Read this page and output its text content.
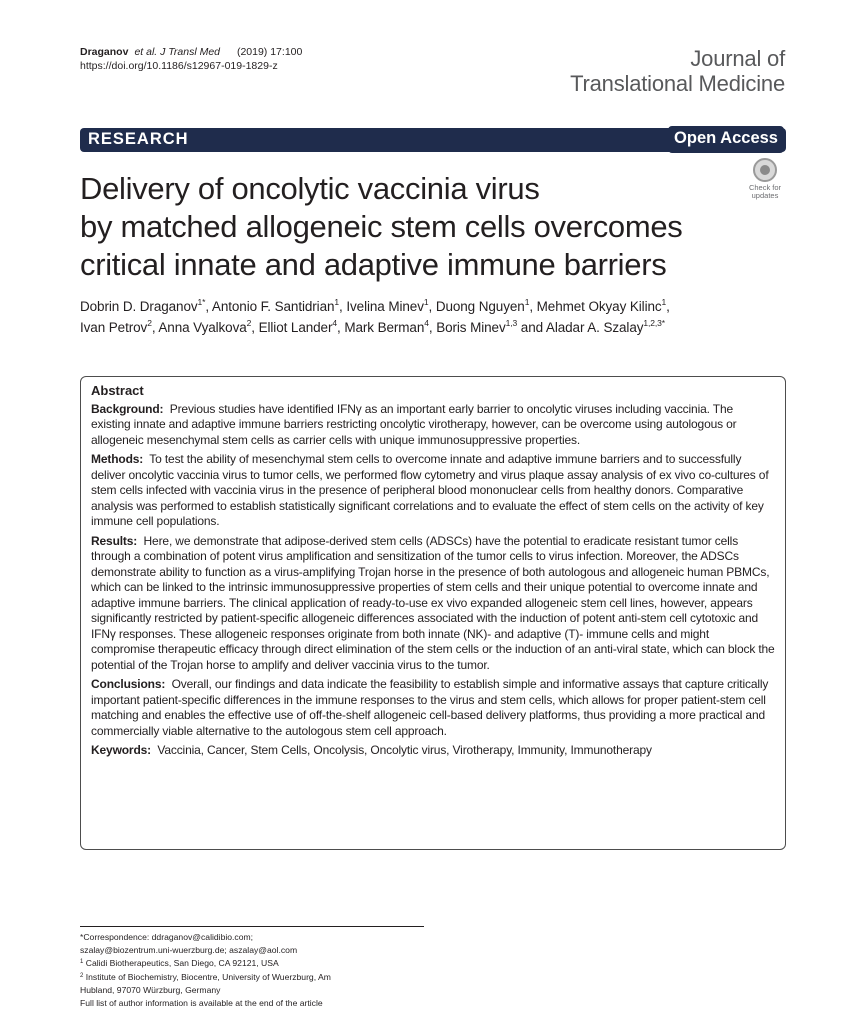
Draganov et al. J Transl Med (2019) 17:100
https://doi.org/10.1186/s12967-019-1829-z	Journal of
Translational Medicine
RESEARCH	Open Access
Check for
updates
Delivery of oncolytic vaccinia virus
by matched allogeneic stem cells overcomes
critical innate and adaptive immune barriers
Dobrin D. Draganov$^{1*}$, Antonio F. Santidrian$^1$, Ivelina Minev$^1$, Duong Nguyen$^1$, Mehmet Okyay Kilinc$^1$,
Ivan Petrov$^2$, Anna Vyalkova$^2$, Elliot Lander$^4$, Mark Berman$^4$, Boris Minev$^{1,3}$ and Aladar A. Szalay$^{1,2,3*}$
Abstract

Background: Previous studies have identified IFNγ as an important early barrier to oncolytic viruses including vaccinia. The existing innate and adaptive immune barriers restricting oncolytic virotherapy, however, can be overcome using autologous or allogeneic mesenchymal stem cells as carrier cells with unique immunosuppressive properties.

Methods: To test the ability of mesenchymal stem cells to overcome innate and adaptive immune barriers and to successfully deliver oncolytic vaccinia virus to tumor cells, we performed flow cytometry and virus plaque assay analysis of ex vivo co-cultures of stem cells infected with vaccinia virus in the presence of peripheral blood mononuclear cells from healthy donors. Comparative analysis was performed to establish statistically significant correlations and to evaluate the effect of stem cells on the activity of key immune cell populations.

Results: Here, we demonstrate that adipose-derived stem cells (ADSCs) have the potential to eradicate resistant tumor cells through a combination of potent virus amplification and sensitization of the tumor cells to virus infection. Moreover, the ADSCs demonstrate ability to function as a virus-amplifying Trojan horse in the presence of both autologous and allogeneic human PBMCs, which can be linked to the intrinsic immunosuppressive properties of stem cells and their unique potential to overcome innate and adaptive immune barriers. The clinical application of ready-to-use ex vivo expanded allogeneic stem cell lines, however, appears significantly restricted by patient-specific allogeneic differences associated with the induction of potent anti-stem cell cytotoxic and IFNγ responses. These allogeneic responses originate from both innate (NK)- and adaptive (T)- immune cells and might compromise therapeutic efficacy through direct elimination of the stem cells or the induction of an anti-viral state, which can block the potential of the Trojan horse to amplify and deliver vaccinia virus to the tumor.

Conclusions: Overall, our findings and data indicate the feasibility to establish simple and informative assays that capture critically important patient-specific differences in the immune responses to the virus and stem cells, which allows for proper patient-stem cell matching and enables the effective use of off-the-shelf allogeneic cell-based delivery platforms, thus providing a more practical and commercially viable alternative to the autologous stem cell approach.

Keywords: Vaccinia, Cancer, Stem Cells, Oncolysis, Oncolytic virus, Virotherapy, Immunity, Immunotherapy

*Correspondence: ddraganov@calidibio.com;
szalay@biozentrum.uni-wuerzburg.de; aszalay@aol.com
$^1$ Calidi Biotherapeutics, San Diego, CA 92121, USA
$^2$ Institute of Biochemistry, Biocentre, University of Wuerzburg, Am
Hubland, 97070 Würzburg, Germany
Full list of author information is available at the end of the article
